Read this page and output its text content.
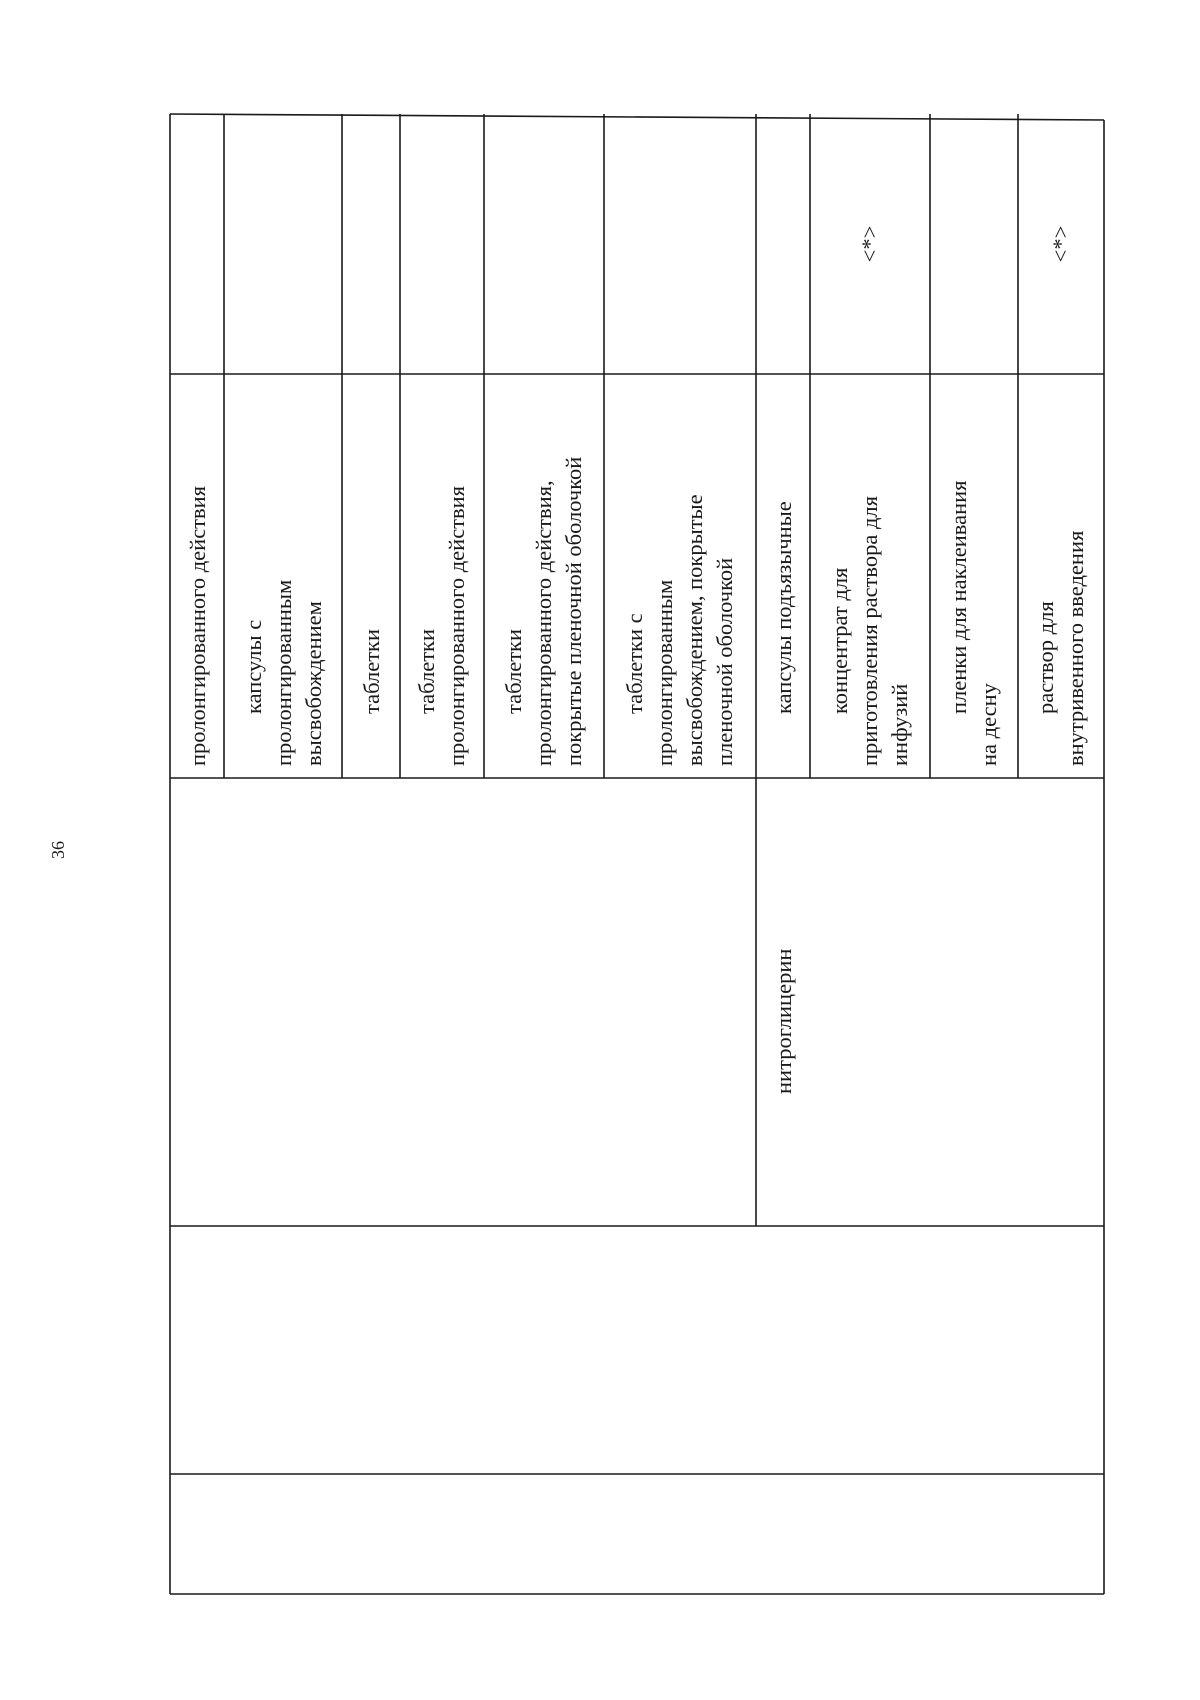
36
пролонгированного действия капсулы с пролонгированным высвобождением таблетки таблетки пролонгированного действия таблетки пролонгированного действия, покрытые пленочной оболочкой таблетки с пролонгированным высвобождением, покрытые пленочной оболочкой
нитроглицерин
капсулы подъязычные концентрат для приготовления раствора для инфузий
<*>
пленки для наклеивания
на десну
раствор для внутривенного введения
<*>
